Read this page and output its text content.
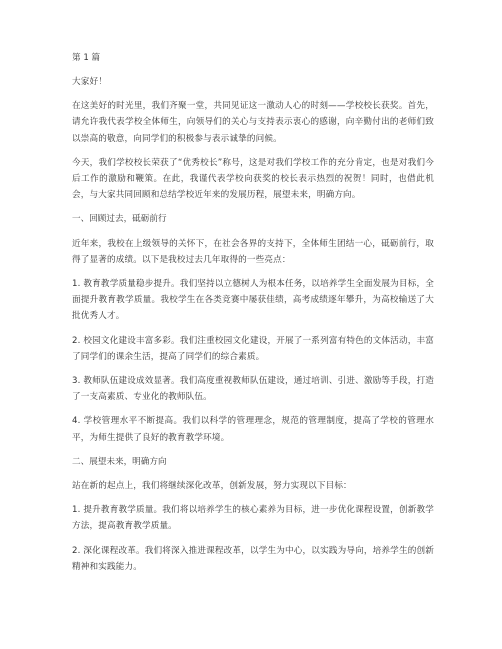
第 1 篇

大家好！

在这美好的时光里，我们齐聚一堂，共同见证这一激动人心的时刻——学校校长获奖。首先，请允许我代表学校全体师生，向领导们的关心与支持表示衷心的感谢，向辛勤付出的老师们致以崇高的敬意，向同学们的积极参与表示诚挚的问候。

今天，我们学校校长荣获了“优秀校长”称号，这是对我们学校工作的充分肯定，也是对我们今后工作的激励和鞭策。在此，我谨代表学校向获奖的校长表示热烈的祝贺！同时，也借此机会，与大家共同回顾和总结学校近年来的发展历程，展望未来，明确方向。

一、回顾过去，砥砺前行

近年来，我校在上级领导的关怀下，在社会各界的支持下，全体师生团结一心，砥砺前行，取得了显著的成绩。以下是我校过去几年取得的一些亮点：

1. 教育教学质量稳步提升。我们坚持以立德树人为根本任务，以培养学生全面发展为目标，全面提升教育教学质量。我校学生在各类竞赛中屡获佳绩，高考成绩逐年攀升，为高校输送了大批优秀人才。

2. 校园文化建设丰富多彩。我们注重校园文化建设，开展了一系列富有特色的文体活动，丰富了同学们的课余生活，提高了同学们的综合素质。

3. 教师队伍建设成效显著。我们高度重视教师队伍建设，通过培训、引进、激励等手段，打造了一支高素质、专业化的教师队伍。

4. 学校管理水平不断提高。我们以科学的管理理念，规范的管理制度，提高了学校的管理水平，为师生提供了良好的教育教学环境。

二、展望未来，明确方向

站在新的起点上，我们将继续深化改革，创新发展，努力实现以下目标：

1. 提升教育教学质量。我们将以培养学生的核心素养为目标，进一步优化课程设置，创新教学方法，提高教育教学质量。

2. 深化课程改革。我们将深入推进课程改革，以学生为中心，以实践为导向，培养学生的创新精神和实践能力。
